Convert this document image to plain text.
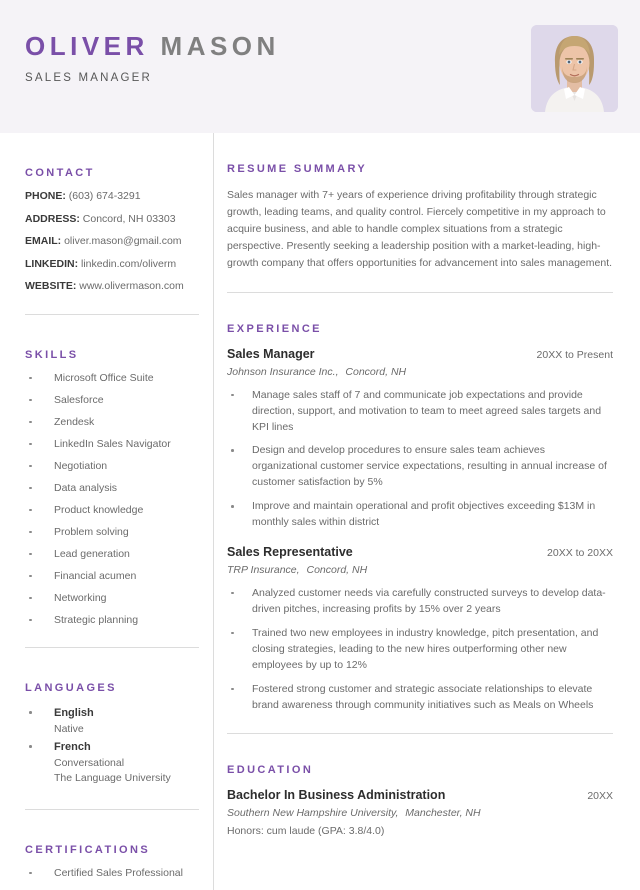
OLIVER MASON
SALES MANAGER
CONTACT
PHONE: (603) 674-3291
ADDRESS: Concord, NH 03303
EMAIL: oliver.mason@gmail.com
LINKEDIN: linkedin.com/oliverm
WEBSITE: www.olivermason.com
SKILLS
Microsoft Office Suite
Salesforce
Zendesk
LinkedIn Sales Navigator
Negotiation
Data analysis
Product knowledge
Problem solving
Lead generation
Financial acumen
Networking
Strategic planning
LANGUAGES
English
Native
French
Conversational
The Language University
CERTIFICATIONS
Certified Sales Professional
RESUME SUMMARY

Sales manager with 7+ years of experience driving profitability through strategic growth, leading teams, and quality control. Fiercely competitive in my approach to acquire business, and able to handle complex situations from a strategic perspective. Presently seeking a leadership position with a market-leading, high-growth company that offers opportunities for advancement into sales management.

EXPERIENCE
Sales Manager	20XX to Present
Johnson Insurance Inc., Concord, NH
Manage sales staff of 7 and communicate job expectations and provide direction, support, and motivation to team to meet agreed sales targets and KPI lines
Design and develop procedures to ensure sales team achieves organizational customer service expectations, resulting in annual increase of customer satisfaction by 5%
Improve and maintain operational and profit objectives exceeding $13M in monthly sales within district
Sales Representative	20XX to 20XX
TRP Insurance, Concord, NH
Analyzed customer needs via carefully constructed surveys to develop data-driven pitches, increasing profits by 15% over 2 years
Trained two new employees in industry knowledge, pitch presentation, and closing strategies, leading to the new hires outperforming other new employees by up to 12%
Fostered strong customer and strategic associate relationships to elevate brand awareness through community initiatives such as Meals on Wheels
EDUCATION
Bachelor In Business Administration	20XX
Southern New Hampshire University, Manchester, NH
Honors: cum laude (GPA: 3.8/4.0)
